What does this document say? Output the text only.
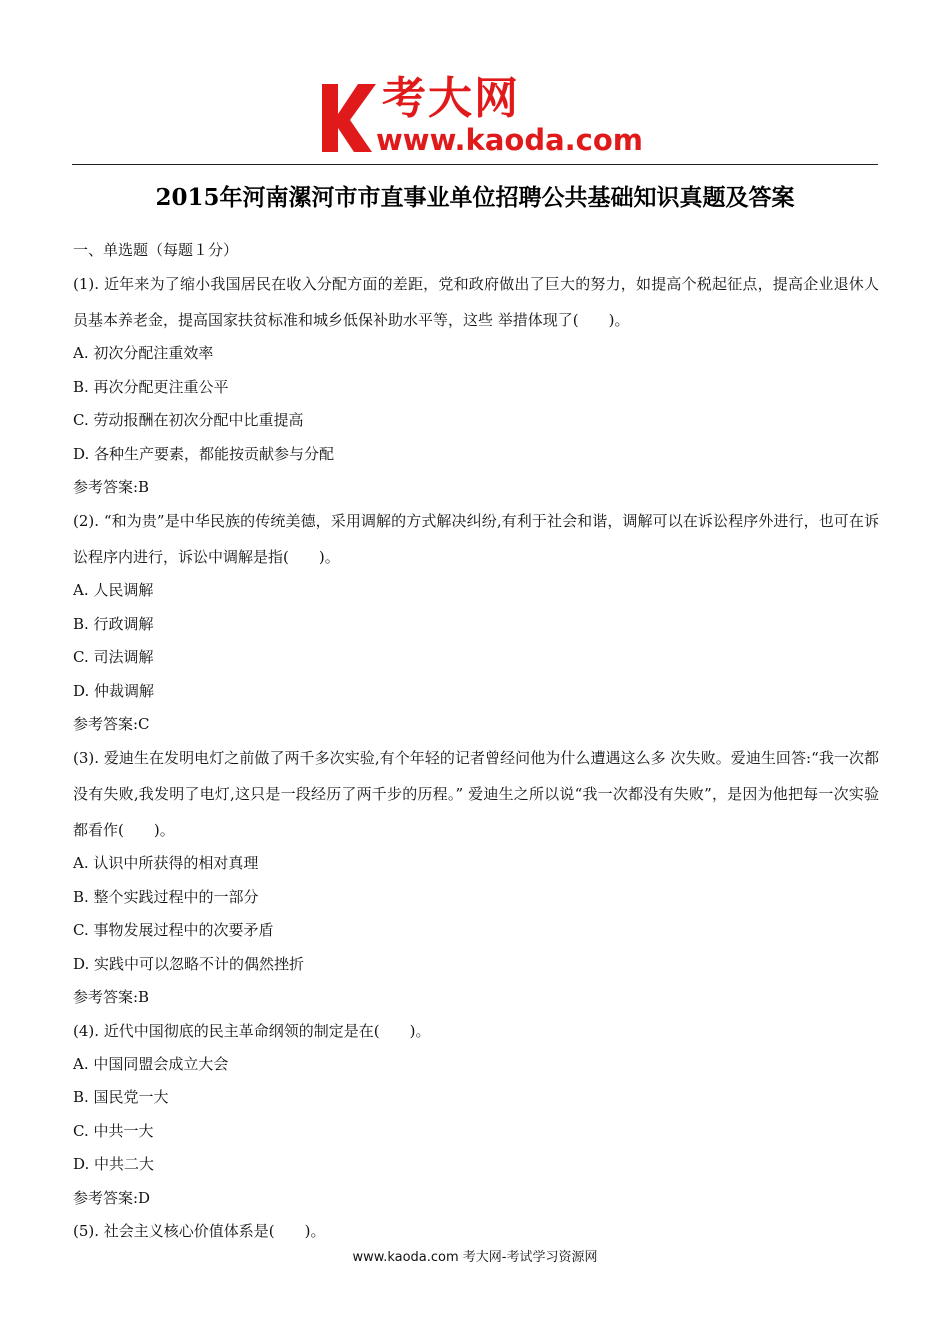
考大网
www.kaoda.com
2015年河南漯河市市直事业单位招聘公共基础知识真题及答案
一、单选题（每题１分）
(1). 近年来为了缩小我国居民在收入分配方面的差距，党和政府做出了巨大的努力，如提高个税起征点，提高企业退休人员基本养老金，提高国家扶贫标准和城乡低保补助水平等，这些 举措体现了(　　)。
A. 初次分配注重效率
B. 再次分配更注重公平
C. 劳动报酬在初次分配中比重提高
D. 各种生产要素，都能按贡献参与分配
参考答案:B
(2). “和为贵”是中华民族的传统美德，采用调解的方式解决纠纷,有利于社会和谐，调解可以在诉讼程序外进行，也可在诉讼程序内进行，诉讼中调解是指(　　)。
A. 人民调解
B. 行政调解
C. 司法调解
D. 仲裁调解
参考答案:C
(3). 爱迪生在发明电灯之前做了两千多次实验,有个年轻的记者曾经问他为什么遭遇这么多 次失败。爱迪生回答:“我一次都没有失败,我发明了电灯,这只是一段经历了两千步的历程。” 爱迪生之所以说“我一次都没有失败”，是因为他把每一次实验都看作(　　)。
A. 认识中所获得的相对真理
B. 整个实践过程中的一部分
C. 事物发展过程中的次要矛盾
D. 实践中可以忽略不计的偶然挫折
参考答案:B
(4). 近代中国彻底的民主革命纲领的制定是在(　　)。
A. 中国同盟会成立大会
B. 国民党一大
C. 中共一大
D. 中共二大
参考答案:D
(5). 社会主义核心价值体系是(　　)。
www.kaoda.com 考大网-考试学习资源网
